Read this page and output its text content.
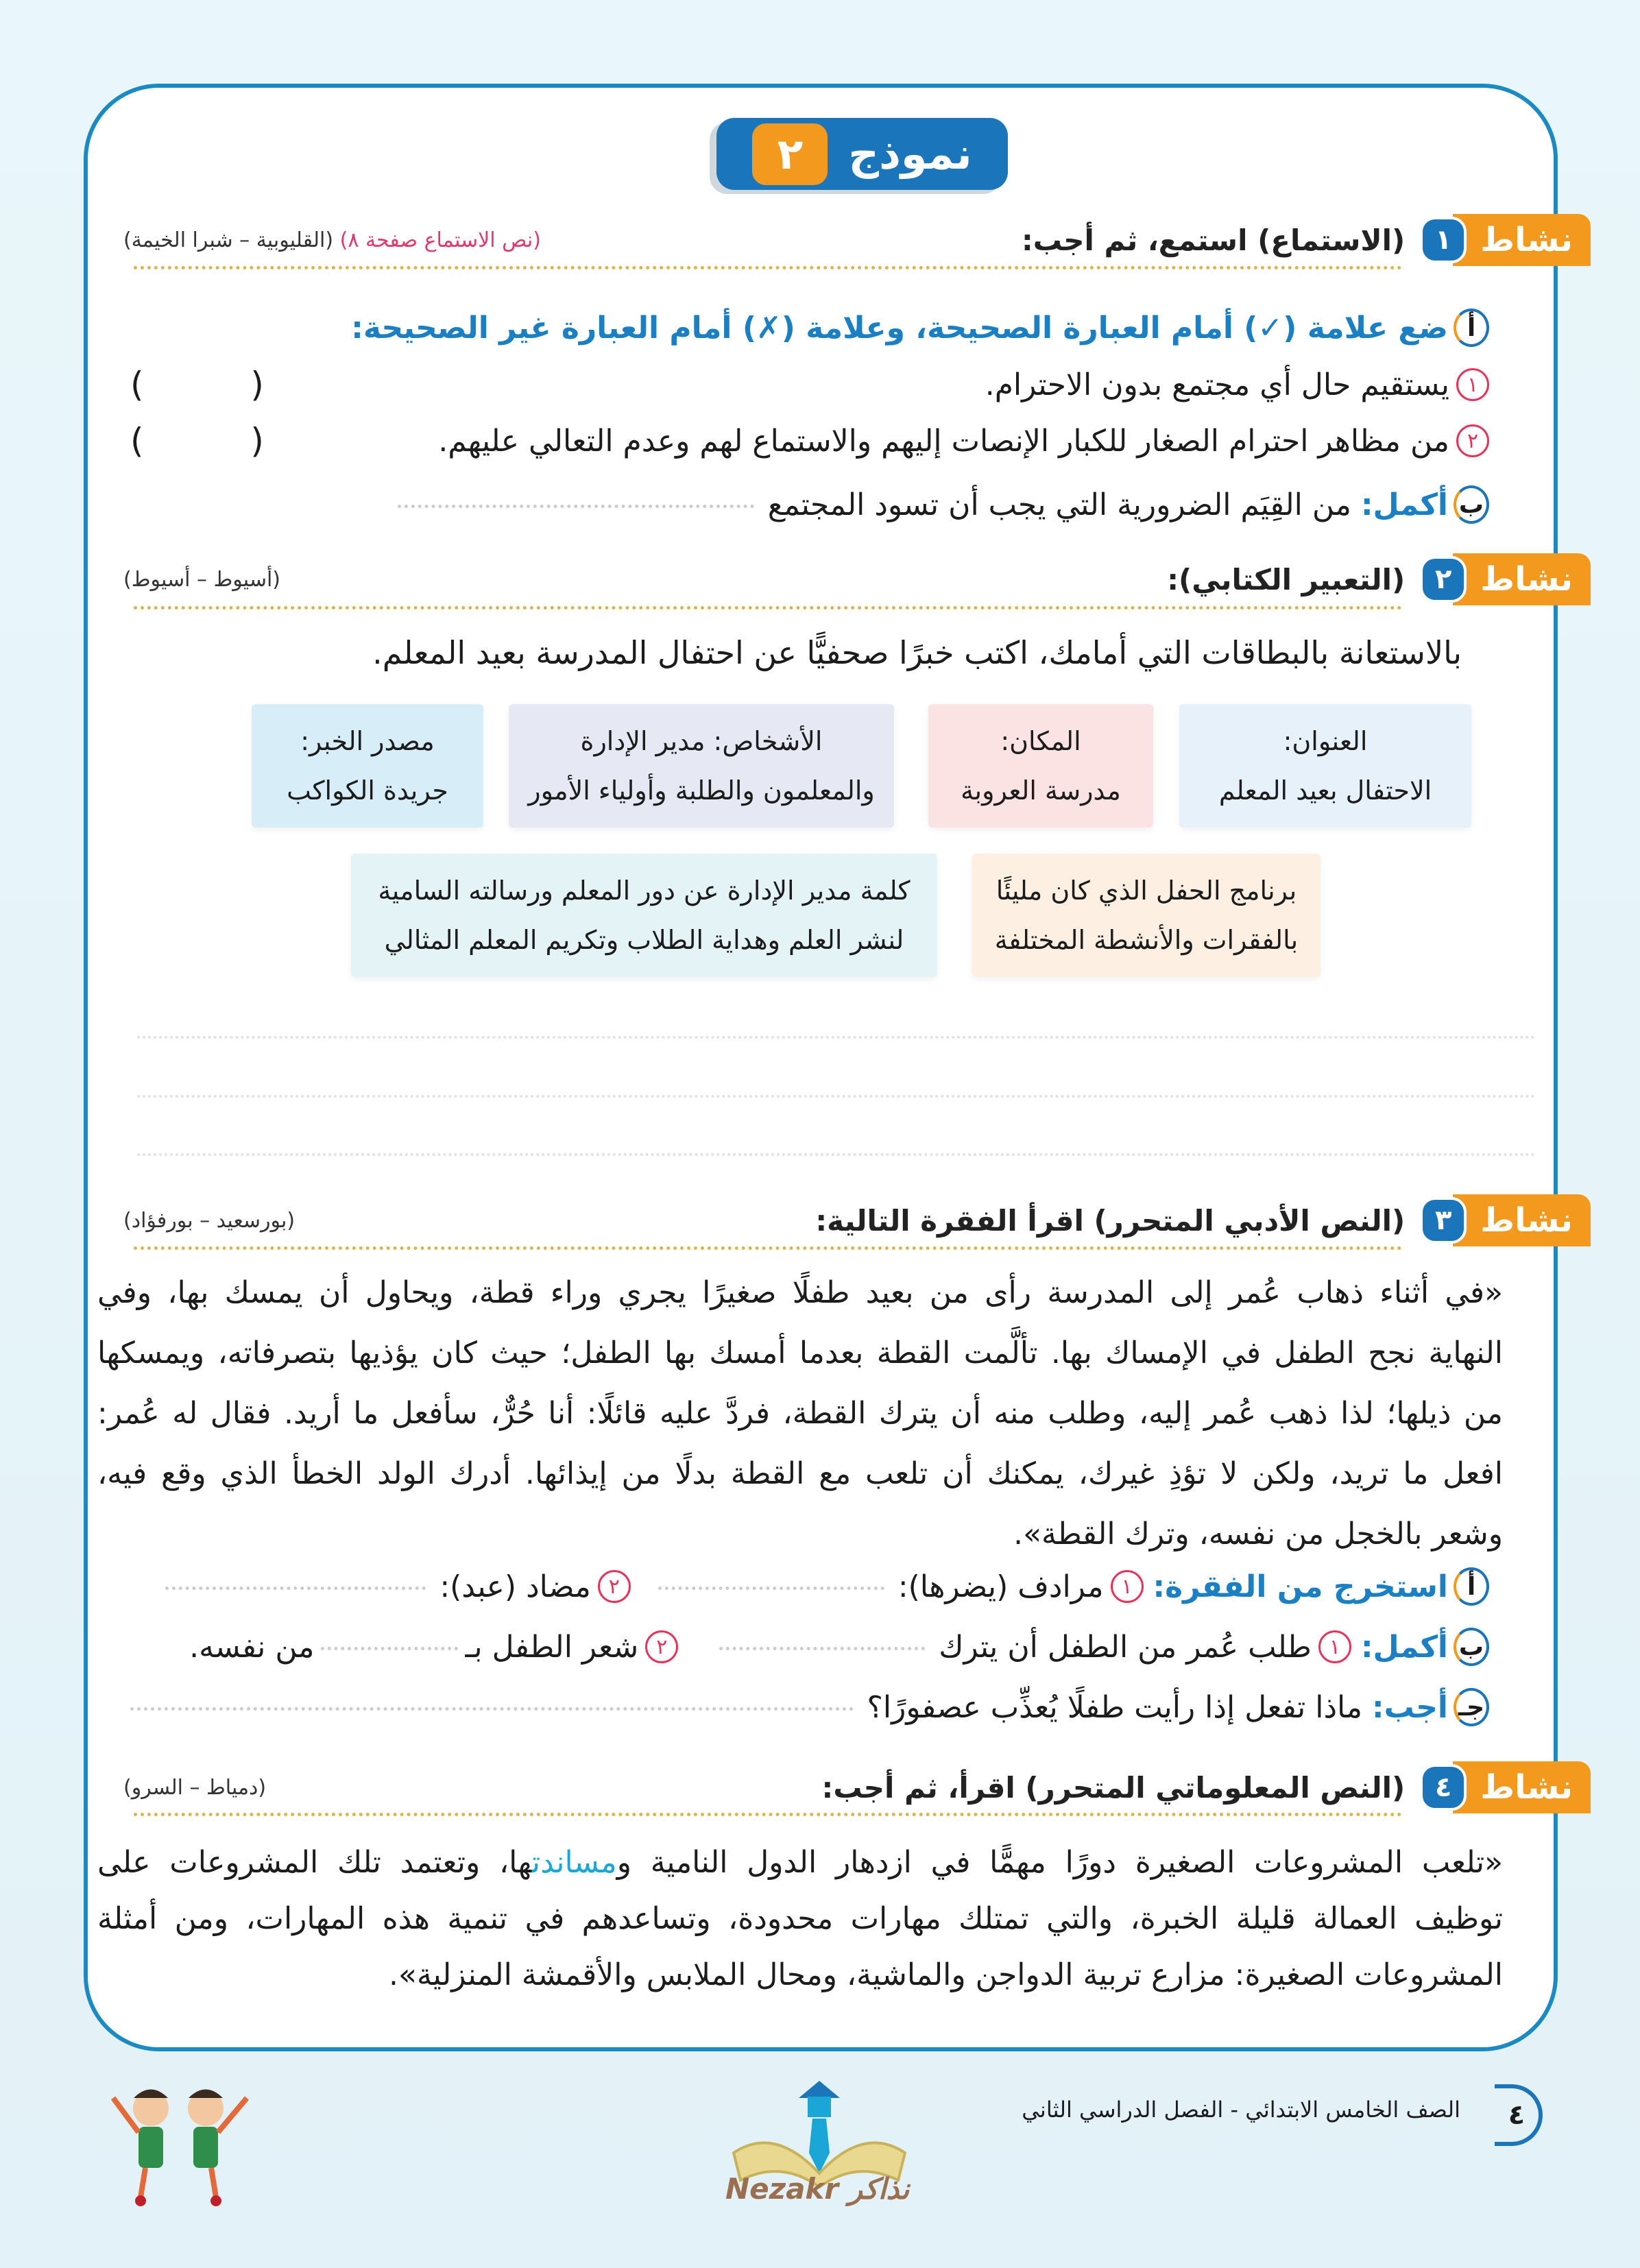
نموذج
٢
نشاط
١
(الاستماع) استمع، ثم أجب:
(نص الاستماع صفحة ٨) (القليوبية – شبرا الخيمة)
أ
ضع علامة (✓) أمام العبارة الصحيحة، وعلامة (✗) أمام العبارة غير الصحيحة:
١
يستقيم حال أي مجتمع بدون الاحترام.
( )
٢
من مظاهر احترام الصغار للكبار الإنصات إليهم والاستماع لهم وعدم التعالي عليهم.
( )
ب
أكمل:

من القِيَم الضرورية التي يجب أن تسود المجتمع
نشاط
٢
(التعبير الكتابي):
(أسيوط – أسيوط)
بالاستعانة بالبطاقات التي أمامك، اكتب خبرًا صحفيًّا عن احتفال المدرسة بعيد المعلم.
العنوان:
الاحتفال بعيد المعلم
المكان:
مدرسة العروبة
الأشخاص: مدير الإدارة
والمعلمون والطلبة وأولياء الأمور
مصدر الخبر:
جريدة الكواكب
برنامج الحفل الذي كان مليئًا
بالفقرات والأنشطة المختلفة
كلمة مدير الإدارة عن دور المعلم ورسالته السامية
لنشر العلم وهداية الطلاب وتكريم المعلم المثالي
نشاط
٣
(النص الأدبي المتحرر) اقرأ الفقرة التالية:
(بورسعيد – بورفؤاد)
«في أثناء ذهاب عُمر إلى المدرسة رأى من بعيد طفلًا صغيرًا يجري وراء قطة، ويحاول أن يمسك بها، وفي
النهاية نجح الطفل في الإمساك بها. تألَّمت القطة بعدما أمسك بها الطفل؛ حيث كان يؤذيها بتصرفاته، ويمسكها
من ذيلها؛ لذا ذهب عُمر إليه، وطلب منه أن يترك القطة، فردَّ عليه قائلًا: أنا حُرٌّ، سأفعل ما أريد. فقال له عُمر:
افعل ما تريد، ولكن لا تؤذِ غيرك، يمكنك أن تلعب مع القطة بدلًا من إيذائها. أدرك الولد الخطأ الذي وقع فيه،
وشعر بالخجل من نفسه، وترك القطة».
أ
استخرج من الفقرة:

١
مرادف (يضرها):
٢
مضاد (عبد):
ب
أكمل:

١
طلب عُمر من الطفل أن يترك
٢
شعر الطفل بـ
من نفسه.
جـ
أجب:

ماذا تفعل إذا رأيت طفلًا يُعذِّب عصفورًا؟
نشاط
٤
(النص المعلوماتي المتحرر) اقرأ، ثم أجب:
(دمياط – السرو)
«تلعب المشروعات الصغيرة دورًا مهمًّا في ازدهار الدول النامية ومساندتها، وتعتمد تلك المشروعات على
توظيف العمالة قليلة الخبرة، والتي تمتلك مهارات محدودة، وتساعدهم في تنمية هذه المهارات، ومن أمثلة
المشروعات الصغيرة: مزارع تربية الدواجن والماشية، ومحال الملابس والأقمشة المنزلية».
٤
الصف الخامس الابتدائي - الفصل الدراسي الثاني
Nezakr نذاكر
